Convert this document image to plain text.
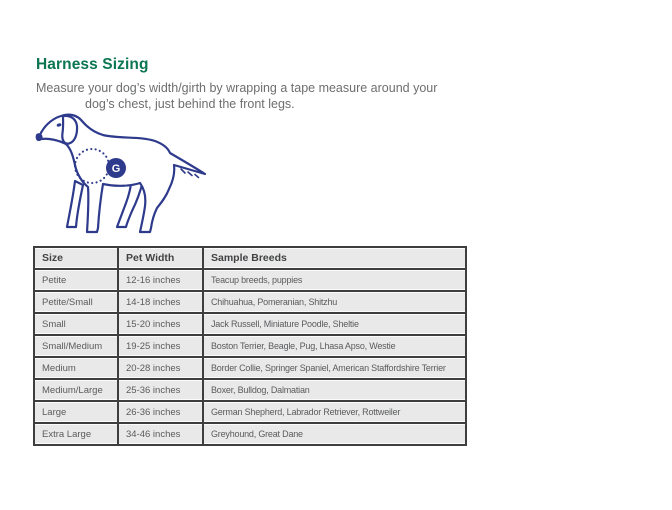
Harness Sizing
Measure your dog’s width/girth by wrapping a tape measure around your
dog’s chest, just behind the front legs.
G
Size	Pet Width	Sample Breeds
Petite	12-16 inches	Teacup breeds, puppies
Petite/Small	14-18 inches	Chihuahua, Pomeranian, Shitzhu
Small	15-20 inches	Jack Russell, Miniature Poodle, Sheltie
Small/Medium	19-25 inches	Boston Terrier, Beagle, Pug, Lhasa Apso, Westie
Medium	20-28 inches	Border Collie, Springer Spaniel, American Staffordshire Terrier
Medium/Large	25-36 inches	Boxer, Bulldog, Dalmatian
Large	26-36 inches	German Shepherd, Labrador Retriever, Rottweiler
Extra Large	34-46 inches	Greyhound, Great Dane
